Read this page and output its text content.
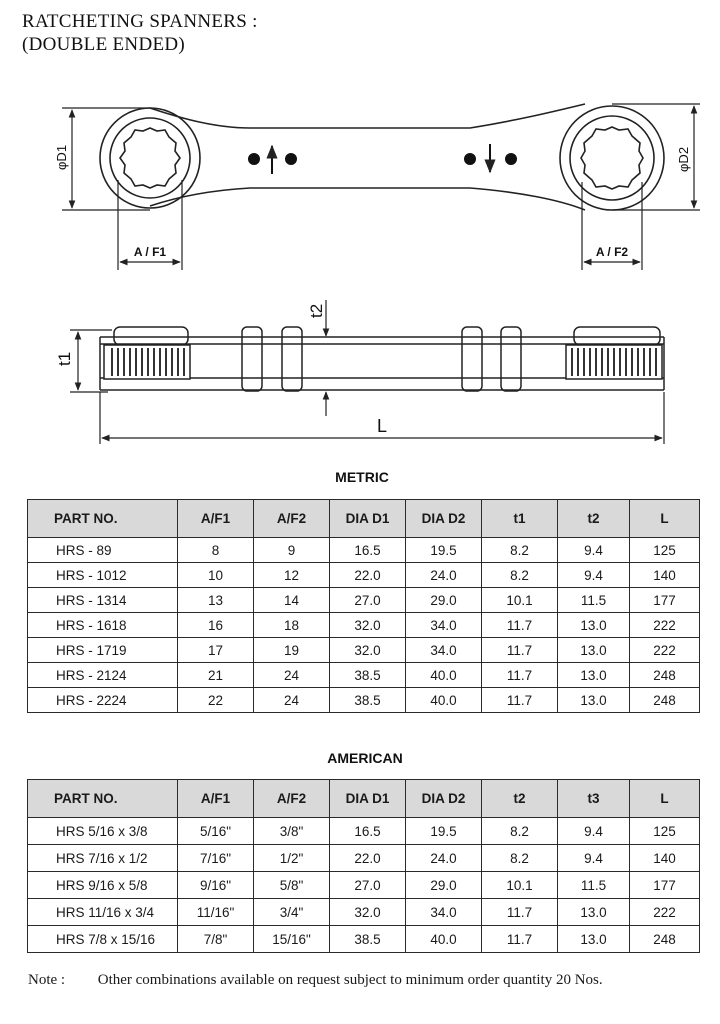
RATCHETING SPANNERS :
(DOUBLE ENDED)
φD1	φD2
A / F1	A / F2
t1
t2
L
METRIC
PART NO.	A/F1	A/F2	DIA D1	DIA D2	t1	t2	L
HRS - 89	8	9	16.5	19.5	8.2	9.4	125
HRS - 1012	10	12	22.0	24.0	8.2	9.4	140
HRS - 1314	13	14	27.0	29.0	10.1	11.5	177
HRS - 1618	16	18	32.0	34.0	11.7	13.0	222
HRS - 1719	17	19	32.0	34.0	11.7	13.0	222
HRS - 2124	21	24	38.5	40.0	11.7	13.0	248
HRS - 2224	22	24	38.5	40.0	11.7	13.0	248
AMERICAN
PART NO.	A/F1	A/F2	DIA D1	DIA D2	t2	t3	L
HRS 5/16 x 3/8	5/16"	3/8"	16.5	19.5	8.2	9.4	125
HRS 7/16 x 1/2	7/16"	1/2"	22.0	24.0	8.2	9.4	140
HRS 9/16 x 5/8	9/16"	5/8"	27.0	29.0	10.1	11.5	177
HRS 11/16 x 3/4	11/16"	3/4"	32.0	34.0	11.7	13.0	222
HRS 7/8 x 15/16	7/8"	15/16"	38.5	40.0	11.7	13.0	248
Note : Other combinations available on request subject to minimum order quantity 20 Nos.
